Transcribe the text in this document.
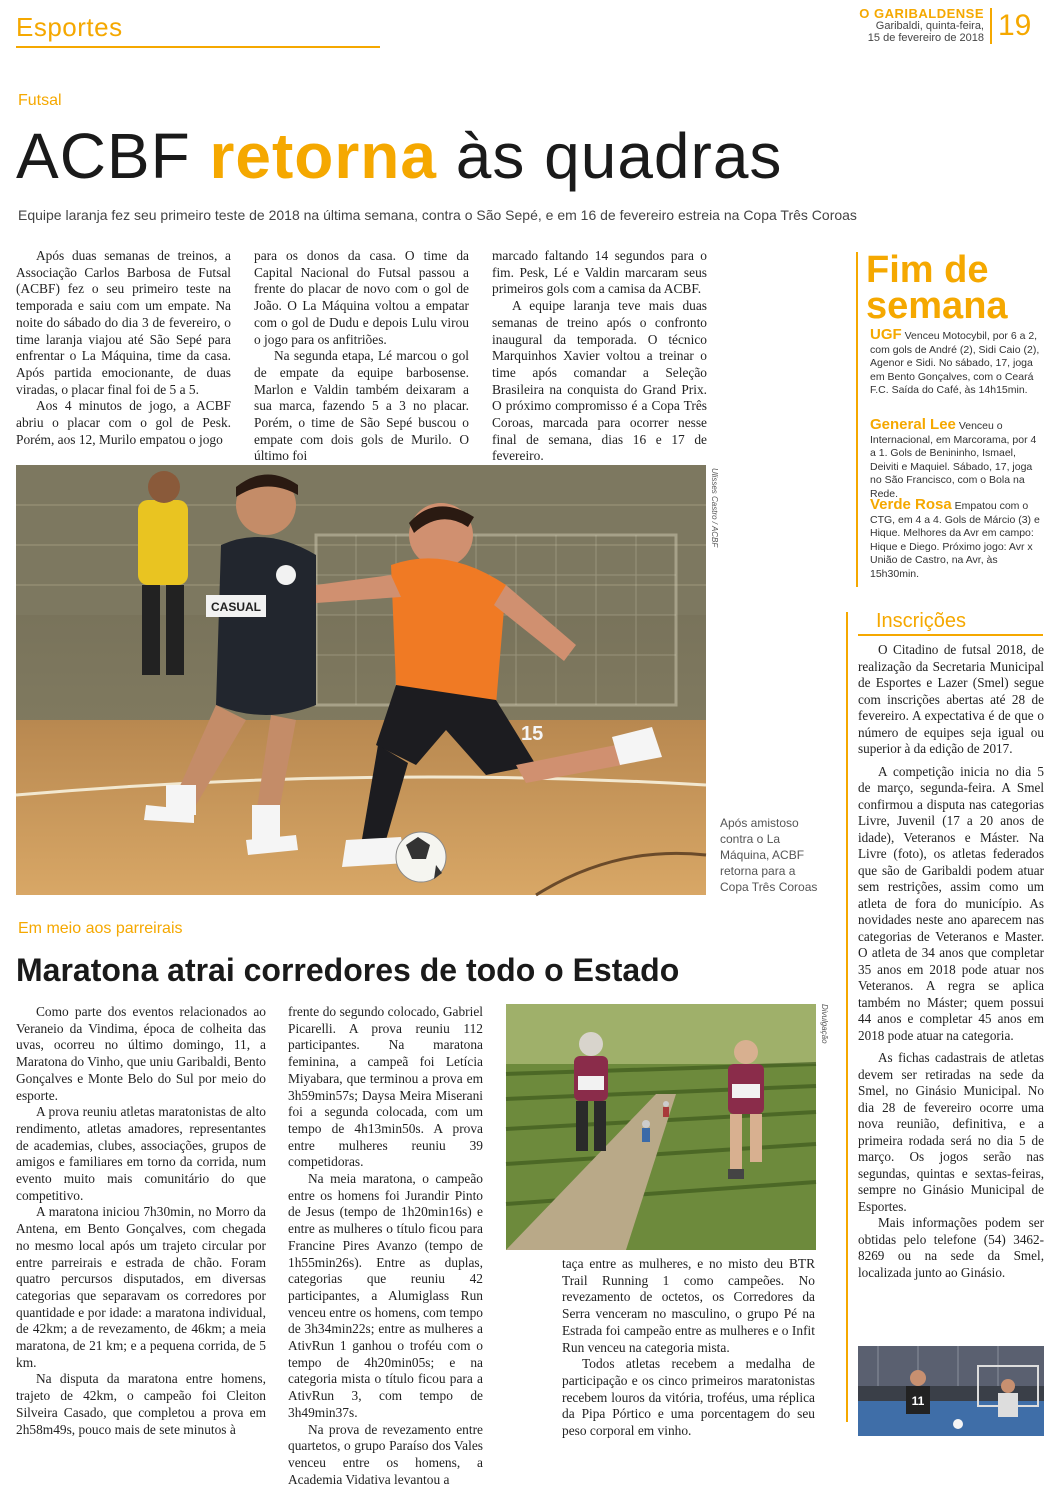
Esportes	O GARIBALDENSE
Garibaldi, quinta-feira,
15 de fevereiro de 2018 19
Futsal
ACBF retorna às quadras
Equipe laranja fez seu primeiro teste de 2018 na última semana, contra o São Sepé, e em 16 de fevereiro estreia na Copa Três Coroas

Após duas semanas de treinos, a Associação Carlos Barbosa de Futsal (ACBF) fez o seu primeiro teste na temporada e saiu com um empate. Na noite do sábado do dia 3 de fevereiro, o time laranja viajou até São Sepé para enfrentar o La Máquina, time da casa. Após partida emocionante, de duas viradas, o placar final foi de 5 a 5.

Aos 4 minutos de jogo, a ACBF abriu o placar com o gol de Pesk. Porém, aos 12, Murilo empatou o jogo

para os donos da casa. O time da Capital Nacional do Futsal passou a frente do placar de novo com o gol de João. O La Máquina voltou a empatar com o gol de Dudu e depois Lulu virou o jogo para os anfitriões.

Na segunda etapa, Lé marcou o gol de empate da equipe barbosense. Marlon e Valdin também deixaram a sua marca, fazendo 5 a 3 no placar. Porém, o time de São Sepé buscou o empate com dois gols de Murilo. O último foi

marcado faltando 14 segundos para o fim. Pesk, Lé e Valdin marcaram seus primeiros gols com a camisa da ACBF.

A equipe laranja teve mais duas semanas de treino após o confronto inaugural da temporada. O técnico Marquinhos Xavier voltou a treinar o time após comandar a Seleção Brasileira na conquista do Grand Prix. O próximo compromisso é a Copa Três Coroas, marcada para ocorrer nesse final de semana, dias 16 e 17 de fevereiro.

CASUAL
15
Ulisses Castro / ACBF
Após amistoso contra o La Máquina, ACBF retorna para a Copa Três Coroas
Fim de
semana
UGF Venceu Motocybil, por 6 a 2, com gols de André (2), Sidi Caio (2), Agenor e Sidi. No sábado, 17, joga em Bento Gonçalves, com o Ceará F.C. Saída do Café, às 14h15min.
General Lee Venceu o Internacional, em Marcorama, por 4 a 1. Gols de Benininho, Ismael, Deiviti e Maquiel. Sábado, 17, joga no São Francisco, com o Bola na Rede.
Verde Rosa Empatou com o CTG, em 4 a 4. Gols de Márcio (3) e Hique. Melhores da Avr em campo: Hique e Diego. Próximo jogo: Avr x União de Castro, na Avr, às 15h30min.
Inscrições

O Citadino de futsal 2018, de realização da Secretaria Municipal de Esportes e Lazer (Smel) segue com inscrições abertas até 28 de fevereiro. A expectativa é de que o número de equipes seja igual ou superior à da edição de 2017.

A competição inicia no dia 5 de março, segunda-feira. A Smel confirmou a disputa nas categorias Livre, Juvenil (17 a 20 anos de idade), Veteranos e Máster. Na Livre (foto), os atletas federados que são de Garibaldi podem atuar sem restrições, assim como um atleta de fora do município. As novidades neste ano aparecem nas categorias de Veteranos e Master. O atleta de 34 anos que completar 35 anos em 2018 pode atuar nos Veteranos. A regra se aplica também no Máster; quem possui 44 anos e completar 45 anos em 2018 pode atuar na categoria.

As fichas cadastrais de atletas devem ser retiradas na sede da Smel, no Ginásio Municipal. No dia 28 de fevereiro ocorre uma nova reunião, definitiva, e a primeira rodada será no dia 5 de março. Os jogos serão nas segundas, quintas e sextas-feiras, sempre no Ginásio Municipal de Esportes.

Mais informações podem ser obtidas pelo telefone (54) 3462-8269 ou na sede da Smel, localizada junto ao Ginásio.

11
Em meio aos parreirais
Maratona atrai corredores de todo o Estado

Como parte dos eventos relacionados ao Veraneio da Vindima, época de colheita das uvas, ocorreu no último domingo, 11, a Maratona do Vinho, que uniu Garibaldi, Bento Gonçalves e Monte Belo do Sul por meio do esporte.

A prova reuniu atletas maratonistas de alto rendimento, atletas amadores, representantes de academias, clubes, associações, grupos de amigos e familiares em torno da corrida, num evento muito mais comunitário do que competitivo.

A maratona iniciou 7h30min, no Morro da Antena, em Bento Gonçalves, com chegada no mesmo local após um trajeto circular por entre parreirais e estrada de chão. Foram quatro percursos disputados, em diversas categorias que separavam os corredores por quantidade e por idade: a maratona individual, de 42km; a de revezamento, de 46km; a meia maratona, de 21 km; e a pequena corrida, de 5 km.

Na disputa da maratona entre homens, trajeto de 42km, o campeão foi Cleiton Silveira Casado, que completou a prova em 2h58m49s, pouco mais de sete minutos à

frente do segundo colocado, Gabriel Picarelli. A prova reuniu 112 participantes. Na maratona feminina, a campeã foi Letícia Miyabara, que terminou a prova em 3h59min57s; Daysa Meira Miserani foi a segunda colocada, com um tempo de 4h13min50s. A prova entre mulheres reuniu 39 competidoras.

Na meia maratona, o campeão entre os homens foi Jurandir Pinto de Jesus (tempo de 1h20min16s) e entre as mulheres o título ficou para Francine Pires Avanzo (tempo de 1h55min26s). Entre as duplas, categorias que reuniu 42 participantes, a Alumiglass Run venceu entre os homens, com tempo de 3h34min22s; entre as mulheres a AtivRun 1 ganhou o troféu com o tempo de 4h20min05s; e na categoria mista o título ficou para a AtivRun 3, com tempo de 3h49min37s.

Na prova de revezamento entre quartetos, o grupo Paraíso dos Vales venceu entre os homens, a Academia Vidativa levantou a

Divulgação

taça entre as mulheres, e no misto deu BTR Trail Running 1 como campeões. No revezamento de octetos, os Corredores da Serra venceram no masculino, o grupo Pé na Estrada foi campeão entre as mulheres e o Infit Run venceu na categoria mista.

Todos atletas recebem a medalha de participação e os cinco primeiros maratonistas recebem louros da vitória, troféus, uma réplica da Pipa Pórtico e uma porcentagem do seu peso corporal em vinho.
